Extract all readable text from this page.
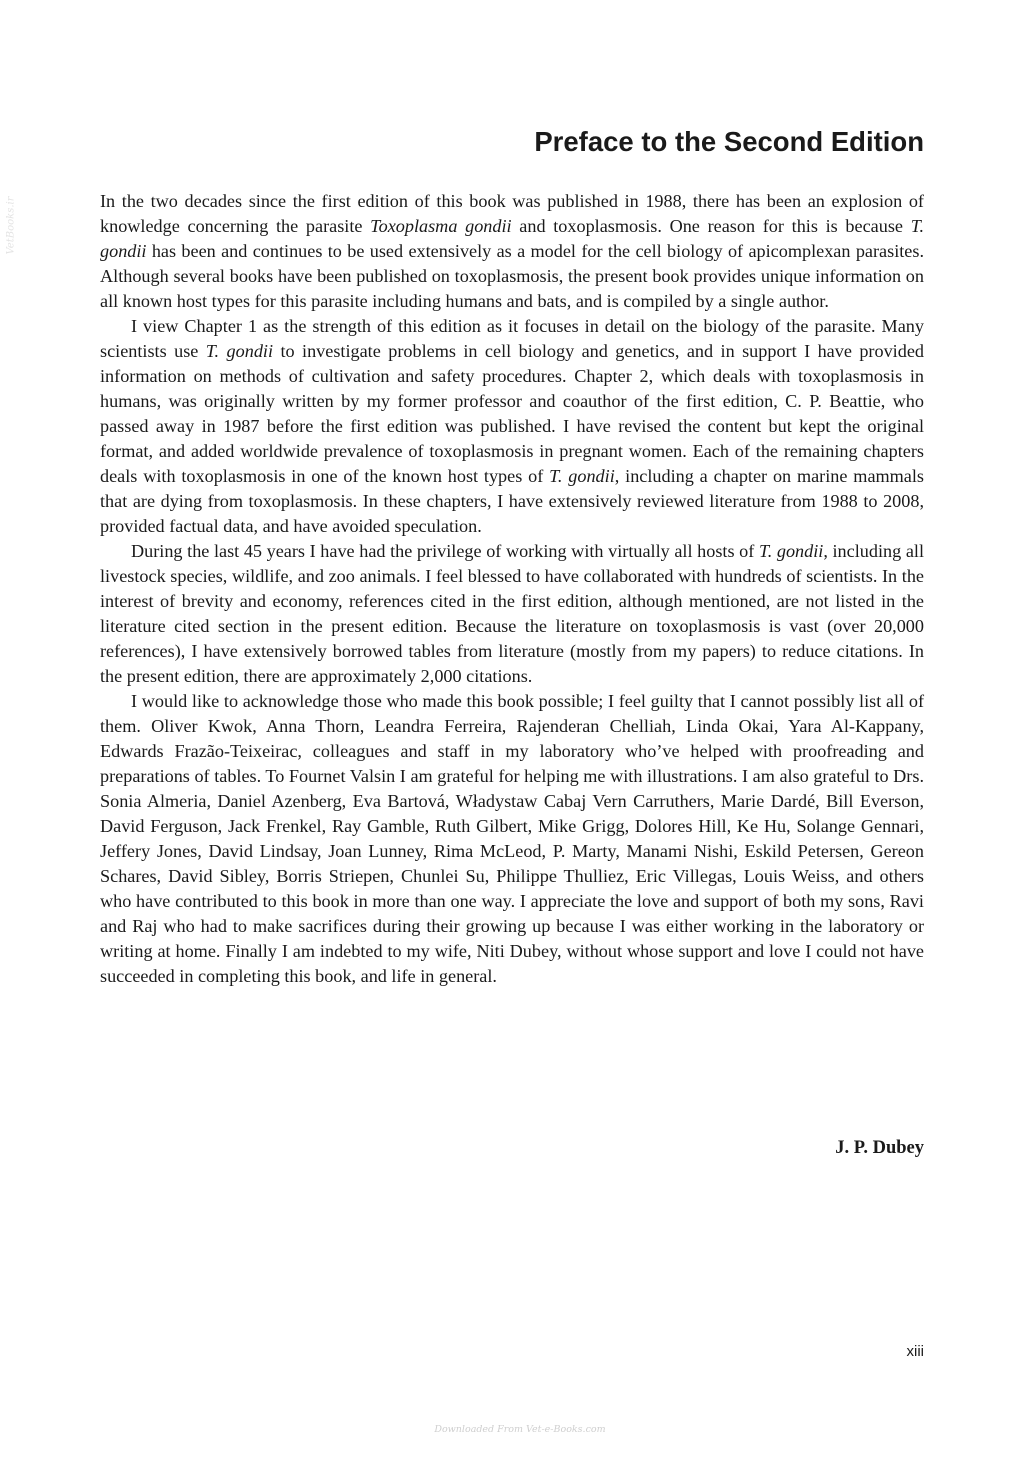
VetBooks.ir
Preface to the Second Edition

In the two decades since the first edition of this book was published in 1988, there has been an explosion of knowledge concerning the parasite Toxoplasma gondii and toxoplasmosis. One reason for this is because T. gondii has been and continues to be used extensively as a model for the cell biology of apicomplexan parasites. Although several books have been published on toxoplasmosis, the present book provides unique information on all known host types for this parasite including humans and bats, and is compiled by a single author.

I view Chapter 1 as the strength of this edition as it focuses in detail on the biology of the parasite. Many scientists use T. gondii to investigate problems in cell biology and genetics, and in support I have provided information on methods of cultivation and safety procedures. Chapter 2, which deals with toxoplasmosis in humans, was originally written by my former professor and coauthor of the first edition, C. P. Beattie, who passed away in 1987 before the first edition was published. I have revised the content but kept the original format, and added worldwide prevalence of toxoplasmosis in pregnant women. Each of the remaining chapters deals with toxoplasmosis in one of the known host types of T. gondii, including a chapter on marine mammals that are dying from toxoplasmosis. In these chapters, I have extensively reviewed literature from 1988 to 2008, provided factual data, and have avoided speculation.

During the last 45 years I have had the privilege of working with virtually all hosts of T. gondii, including all livestock species, wildlife, and zoo animals. I feel blessed to have collaborated with hundreds of scientists. In the interest of brevity and economy, references cited in the first edition, although mentioned, are not listed in the literature cited section in the present edition. Because the literature on toxoplasmosis is vast (over 20,000 references), I have extensively borrowed tables from literature (mostly from my papers) to reduce citations. In the present edition, there are approximately 2,000 citations.

I would like to acknowledge those who made this book possible; I feel guilty that I cannot possibly list all of them. Oliver Kwok, Anna Thorn, Leandra Ferreira, Rajenderan Chelliah, Linda Okai, Yara Al-Kappany, Edwards Frazão-Teixeirac, colleagues and staff in my laboratory who’ve helped with proofreading and preparations of tables. To Fournet Valsin I am grateful for helping me with illustrations. I am also grateful to Drs. Sonia Almeria, Daniel Azenberg, Eva Bartová, Władystaw Cabaj Vern Carruthers, Marie Dardé, Bill Everson, David Ferguson, Jack Frenkel, Ray Gamble, Ruth Gilbert, Mike Grigg, Dolores Hill, Ke Hu, Solange Gennari, Jeffery Jones, David Lindsay, Joan Lunney, Rima McLeod, P. Marty, Manami Nishi, Eskild Petersen, Gereon Schares, David Sibley, Borris Striepen, Chunlei Su, Philippe Thulliez, Eric Villegas, Louis Weiss, and others who have contributed to this book in more than one way. I appreciate the love and support of both my sons, Ravi and Raj who had to make sacrifices during their growing up because I was either working in the laboratory or writing at home. Finally I am indebted to my wife, Niti Dubey, without whose support and love I could not have succeeded in completing this book, and life in general.

J. P. Dubey
xiii
Downloaded From Vet-e-Books.com
